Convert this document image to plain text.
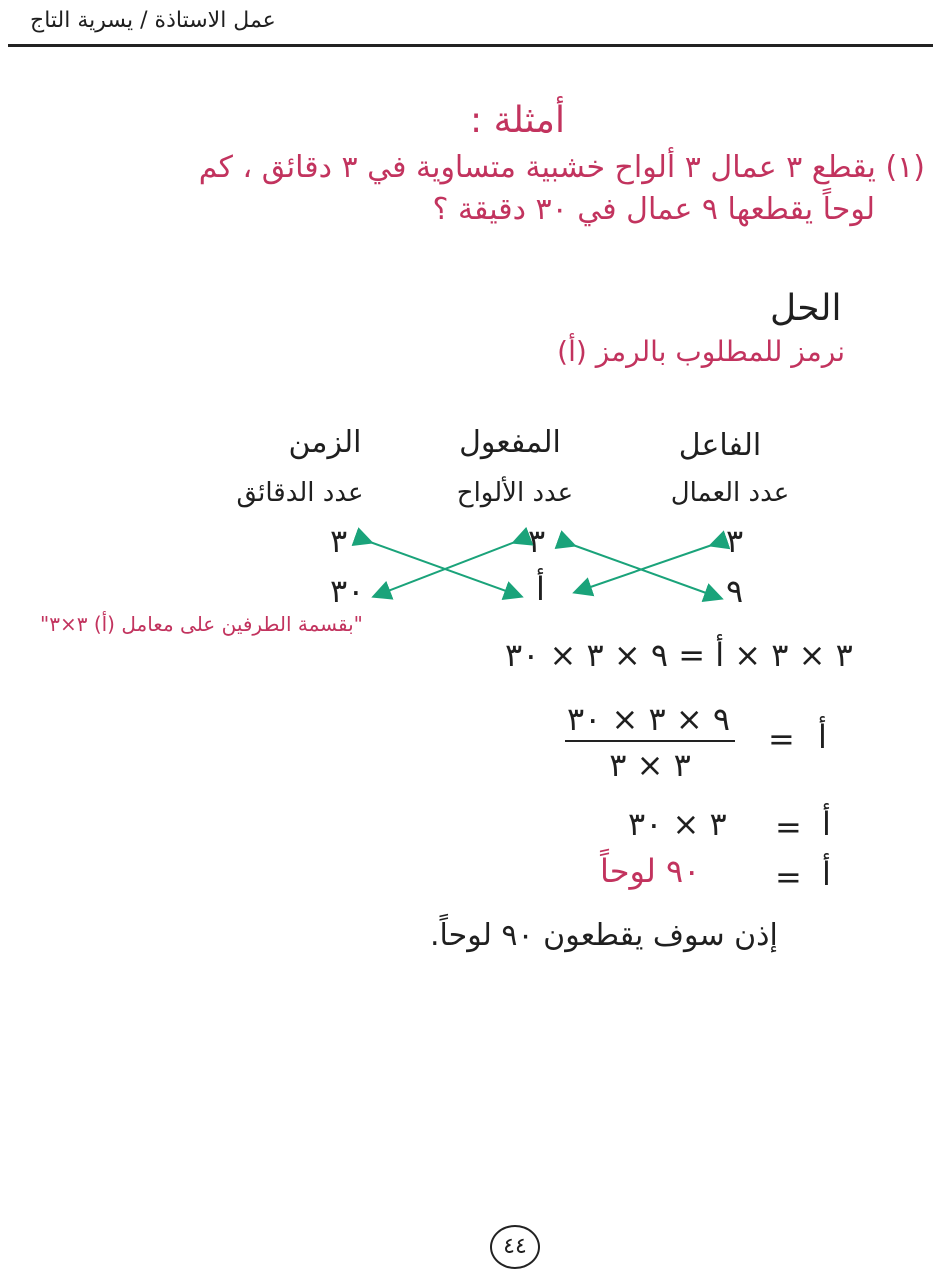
عمل الاستاذة / يسرية التاج
أمثلة :
(١) يقطع ٣ عمال ٣ ألواح خشبية متساوية في ٣ دقائق ، كم
لوحاً يقطعها ٩ عمال في ٣٠ دقيقة ؟
الحل
نرمز للمطلوب بالرمز (أ)
الفاعل
عدد العمال
المفعول
عدد الألواح
الزمن
عدد الدقائق
٣
٩
٣
أ
٣
٣٠
"بقسمة الطرفين على معامل (أ) ٣×٣"
٣ × ٣ × أ = ٩ × ٣ × ٣٠
أ
=
٩ × ٣ × ٣٠
٣ × ٣
أ
=
٣ × ٣٠
أ
=
٩٠ لوحاً
إذن سوف يقطعون ٩٠ لوحاً.
٤٤
